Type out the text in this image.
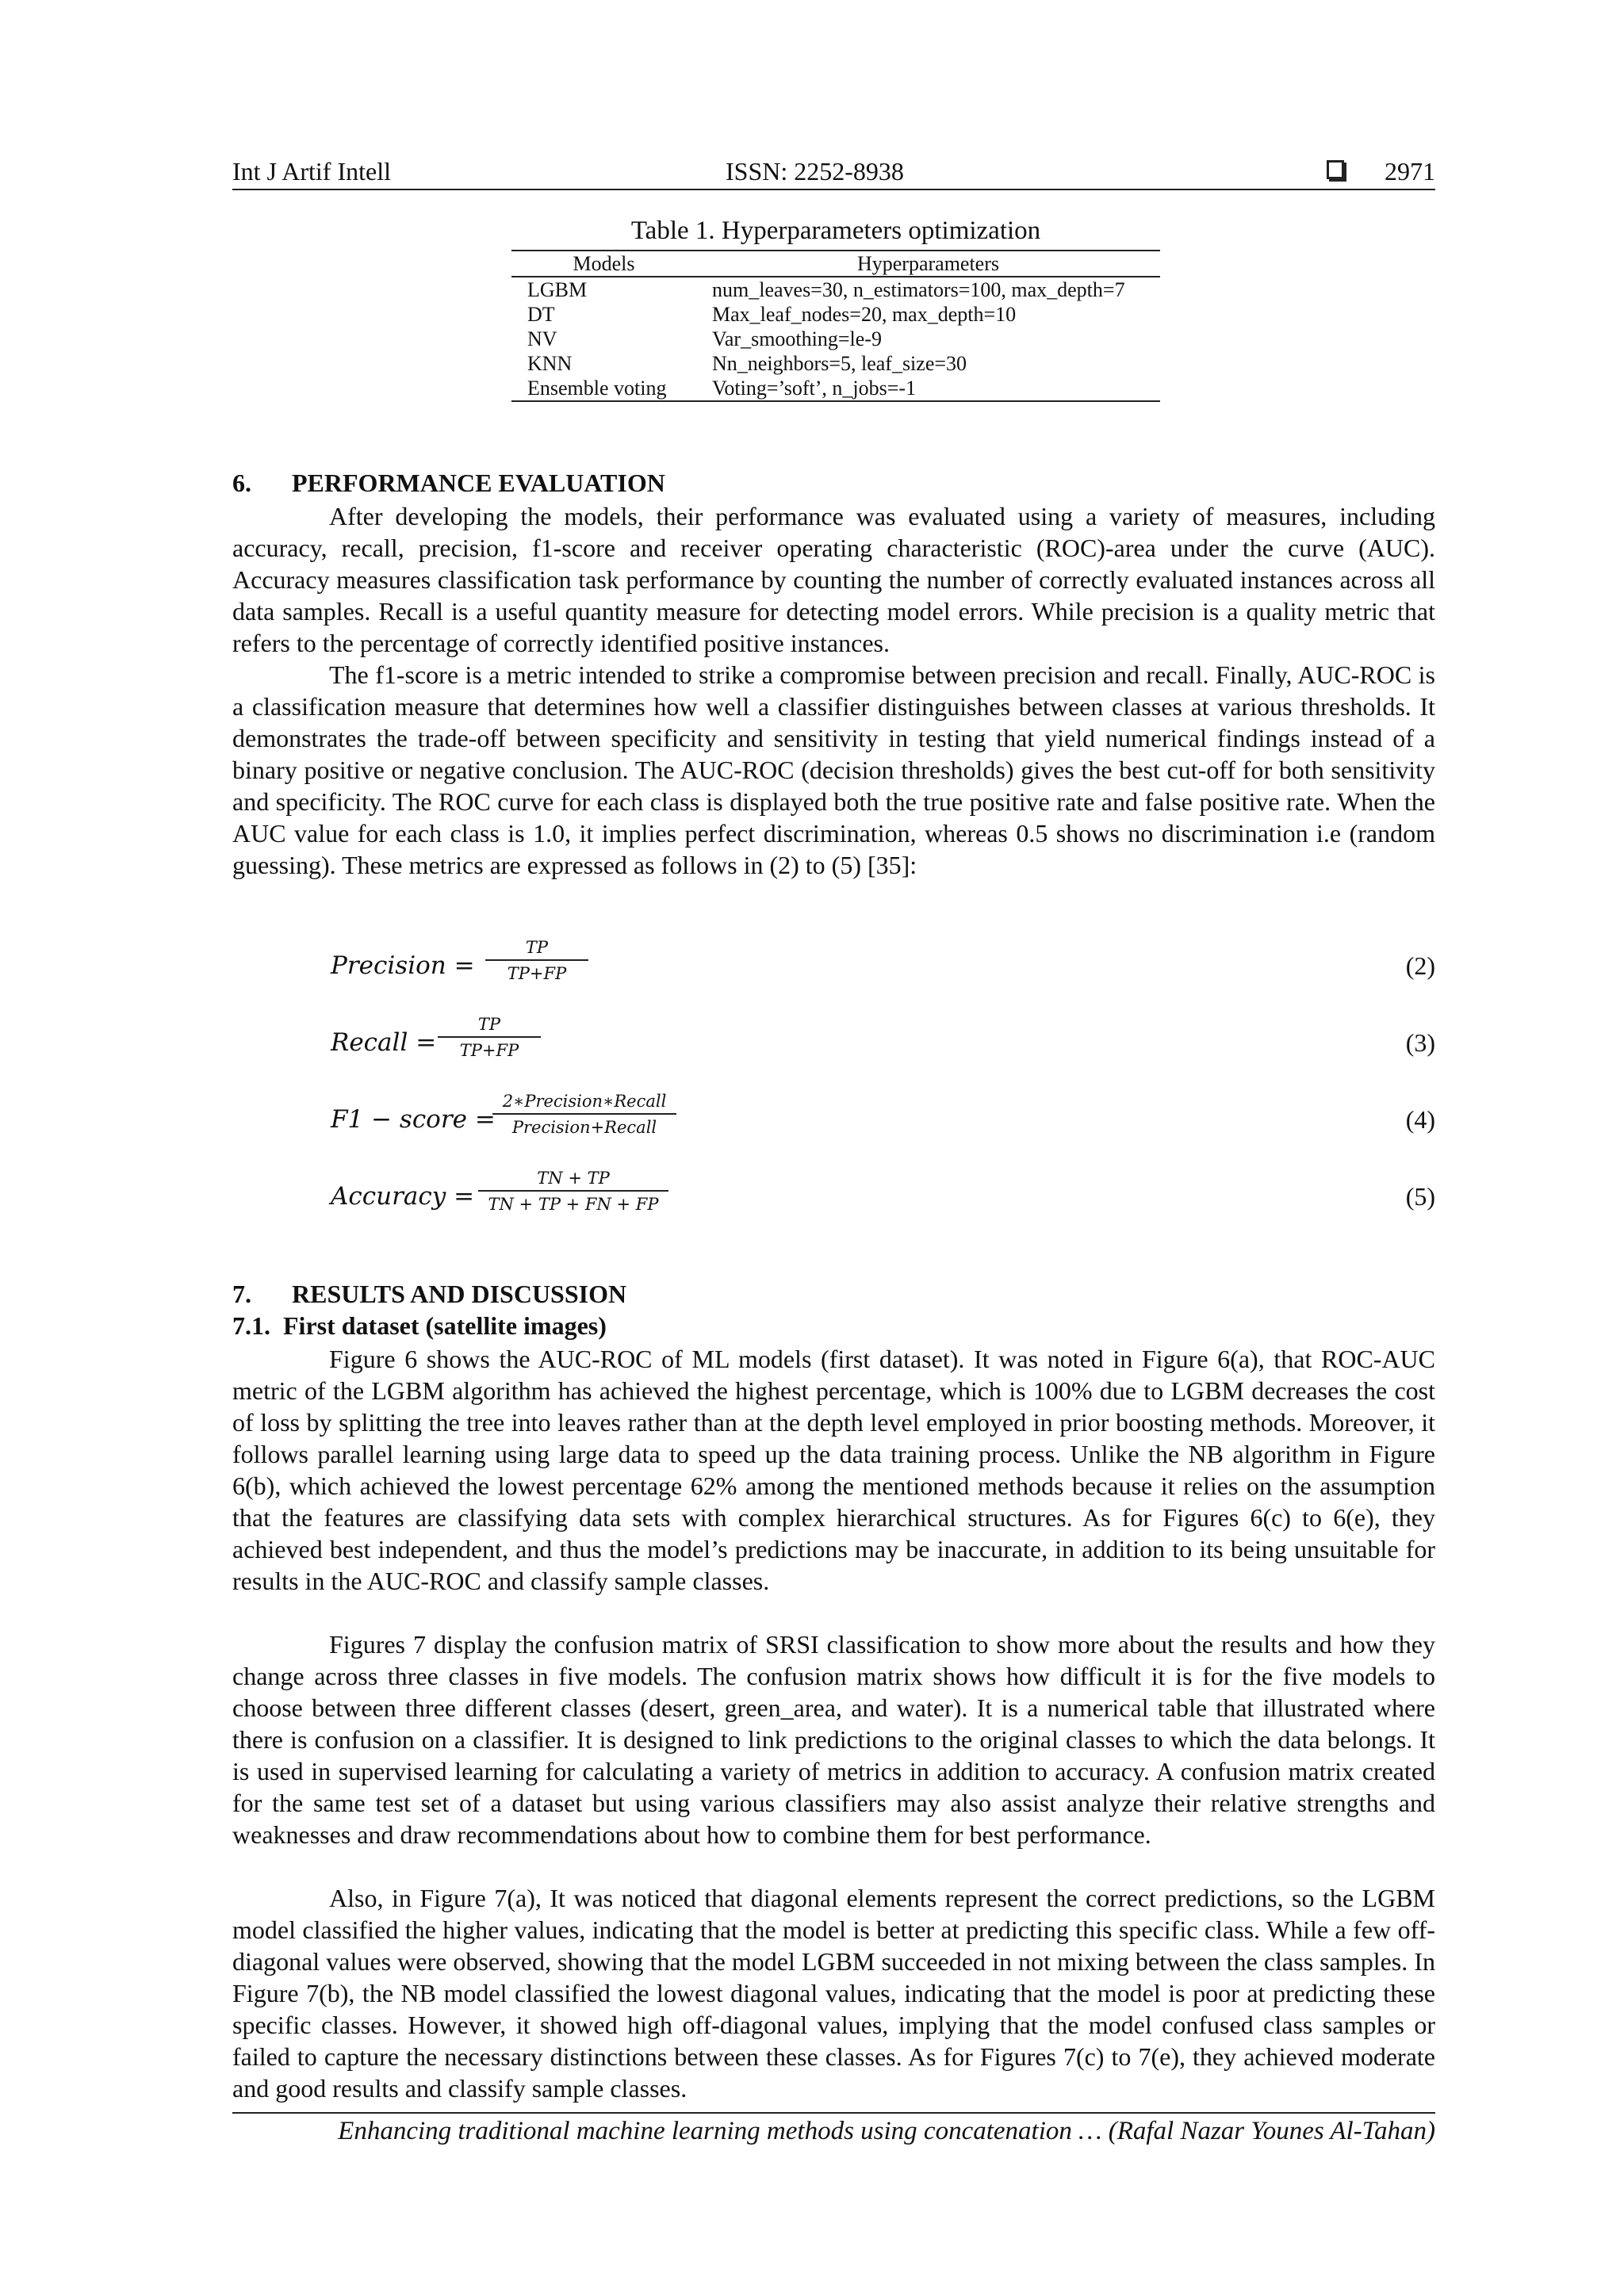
Int J Artif Intell	ISSN: 2252-8938	2971
Table 1. Hyperparameters optimization
Models	Hyperparameters
LGBM	num_leaves=30, n_estimators=100, max_depth=7
DT	Max_leaf_nodes=20, max_depth=10
NV	Var_smoothing=le-9
KNN	Nn_neighbors=5, leaf_size=30
Ensemble voting	Voting=’soft’, n_jobs=-1
6. PERFORMANCE EVALUATION
After developing the models, their performance was evaluated using a variety of measures, including accuracy, recall, precision, f1-score and receiver operating characteristic (ROC)-area under the curve (AUC). Accuracy measures classification task performance by counting the number of correctly evaluated instances across all data samples. Recall is a useful quantity measure for detecting model errors. While precision is a quality metric that refers to the percentage of correctly identified positive instances.
The f1-score is a metric intended to strike a compromise between precision and recall. Finally, AUC-ROC is a classification measure that determines how well a classifier distinguishes between classes at various thresholds. It demonstrates the trade-off between specificity and sensitivity in testing that yield numerical findings instead of a binary positive or negative conclusion. The AUC-ROC (decision thresholds) gives the best cut-off for both sensitivity and specificity. The ROC curve for each class is displayed both the true positive rate and false positive rate. When the AUC value for each class is 1.0, it implies perfect discrimination, whereas 0.5 shows no discrimination i.e (random guessing). These metrics are expressed as follows in (2) to (5) [35]:
Precision = $\frac{TP}{TP+FP}$	(2)
Recall = $\frac{TP}{TP+FP}$	(3)
F1 − score =
2∗Precision∗Recall
Precision+Recall	(4)
Accuracy = $\frac{TN + TP}{TN + TP + FN + FP}$	(5)
7. RESULTS AND DISCUSSION
7.1. First dataset (satellite images)
Figure 6 shows the AUC-ROC of ML models (first dataset). It was noted in Figure 6(a), that ROC-AUC metric of the LGBM algorithm has achieved the highest percentage, which is 100% due to LGBM decreases the cost of loss by splitting the tree into leaves rather than at the depth level employed in prior boosting methods. Moreover, it follows parallel learning using large data to speed up the data training process. Unlike the NB algorithm in Figure 6(b), which achieved the lowest percentage 62% among the mentioned methods because it relies on the assumption that the features are classifying data sets with complex hierarchical structures. As for Figures 6(c) to 6(e), they achieved best independent, and thus the model’s predictions may be inaccurate, in addition to its being unsuitable for results in the AUC-ROC and classify sample classes.
Figures 7 display the confusion matrix of SRSI classification to show more about the results and how they change across three classes in five models. The confusion matrix shows how difficult it is for the five models to choose between three different classes (desert, green_area, and water). It is a numerical table that illustrated where there is confusion on a classifier. It is designed to link predictions to the original classes to which the data belongs. It is used in supervised learning for calculating a variety of metrics in addition to accuracy. A confusion matrix created for the same test set of a dataset but using various classifiers may also assist analyze their relative strengths and weaknesses and draw recommendations about how to combine them for best performance.
Also, in Figure 7(a), It was noticed that diagonal elements represent the correct predictions, so the LGBM model classified the higher values, indicating that the model is better at predicting this specific class. While a few off-diagonal values were observed, showing that the model LGBM succeeded in not mixing between the class samples. In Figure 7(b), the NB model classified the lowest diagonal values, indicating that the model is poor at predicting these specific classes. However, it showed high off-diagonal values, implying that the model confused class samples or failed to capture the necessary distinctions between these classes. As for Figures 7(c) to 7(e), they achieved moderate and good results and classify sample classes.
Enhancing traditional machine learning methods using concatenation … (Rafal Nazar Younes Al-Tahan)
